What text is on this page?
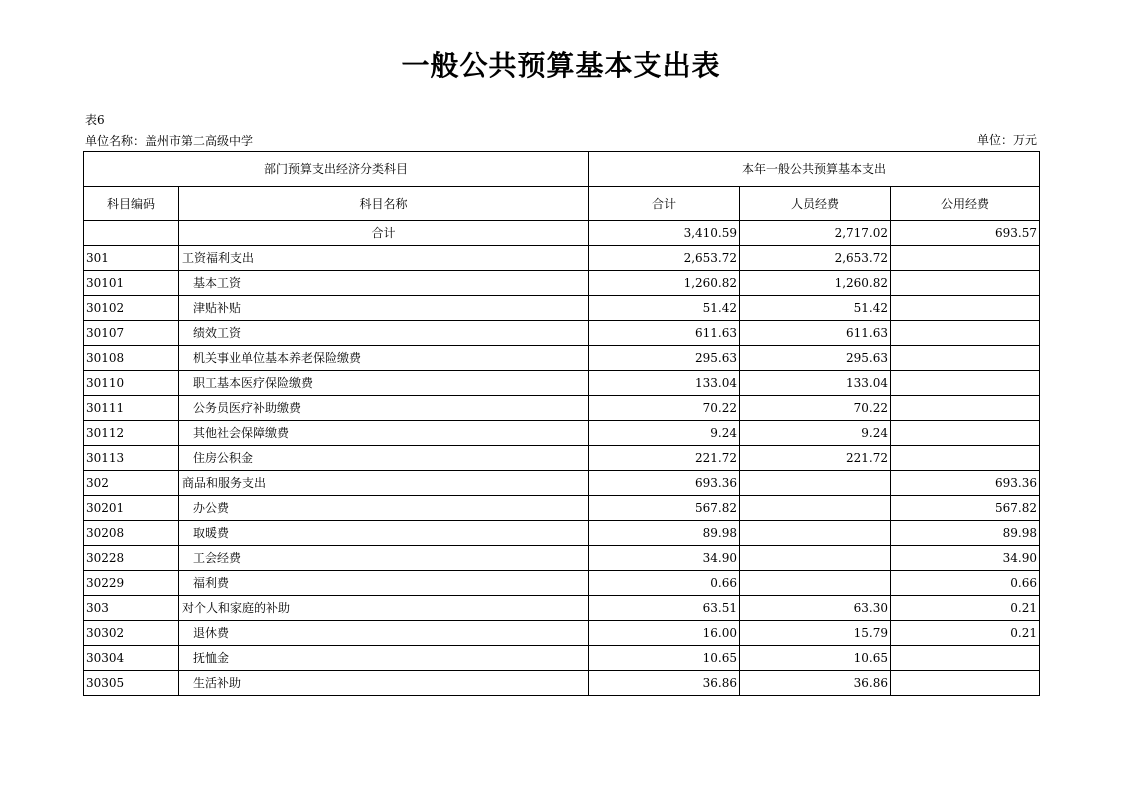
一般公共预算基本支出表
表6
单位名称：盖州市第二高级中学	单位：万元
部门预算支出经济分类科目		本年一般公共预算基本支出		
科目编码	科目名称	合计	人员经费	公用经费
	合计	3,410.59	2,717.02	693.57
301	工资福利支出	2,653.72	2,653.72	
30101	基本工资	1,260.82	1,260.82	
30102	津贴补贴	51.42	51.42	
30107	绩效工资	611.63	611.63	
30108	机关事业单位基本养老保险缴费	295.63	295.63	
30110	职工基本医疗保险缴费	133.04	133.04	
30111	公务员医疗补助缴费	70.22	70.22	
30112	其他社会保障缴费	9.24	9.24	
30113	住房公积金	221.72	221.72	
302	商品和服务支出	693.36		693.36
30201	办公费	567.82		567.82
30208	取暖费	89.98		89.98
30228	工会经费	34.90		34.90
30229	福利费	0.66		0.66
303	对个人和家庭的补助	63.51	63.30	0.21
30302	退休费	16.00	15.79	0.21
30304	抚恤金	10.65	10.65	
30305	生活补助	36.86	36.86	
